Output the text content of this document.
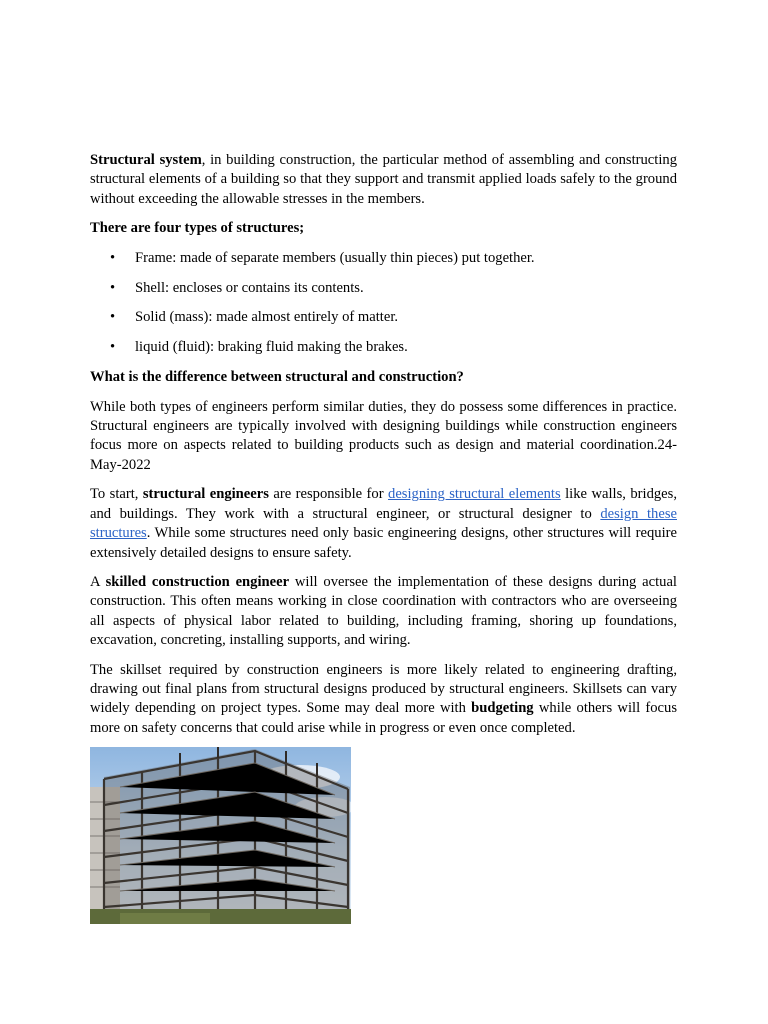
Structural system, in building construction, the particular method of assembling and constructing structural elements of a building so that they support and transmit applied loads safely to the ground without exceeding the allowable stresses in the members.

There are four types of structures;

• Frame: made of separate members (usually thin pieces) put together.
• Shell: encloses or contains its contents.
• Solid (mass): made almost entirely of matter.
• liquid (fluid): braking fluid making the brakes.

What is the difference between structural and construction?

While both types of engineers perform similar duties, they do possess some differences in practice. Structural engineers are typically involved with designing buildings while construction engineers focus more on aspects related to building products such as design and material coordination.24-May-2022

To start, structural engineers are responsible for designing structural elements like walls, bridges, and buildings. They work with a structural engineer, or structural designer to design these structures. While some structures need only basic engineering designs, other structures will require extensively detailed designs to ensure safety.

A skilled construction engineer will oversee the implementation of these designs during actual construction. This often means working in close coordination with contractors who are overseeing all aspects of physical labor related to building, including framing, shoring up foundations, excavation, concreting, installing supports, and wiring.

The skillset required by construction engineers is more likely related to engineering drafting, drawing out final plans from structural designs produced by structural engineers. Skillsets can vary widely depending on project types. Some may deal more with budgeting while others will focus more on safety concerns that could arise while in progress or even once completed.
